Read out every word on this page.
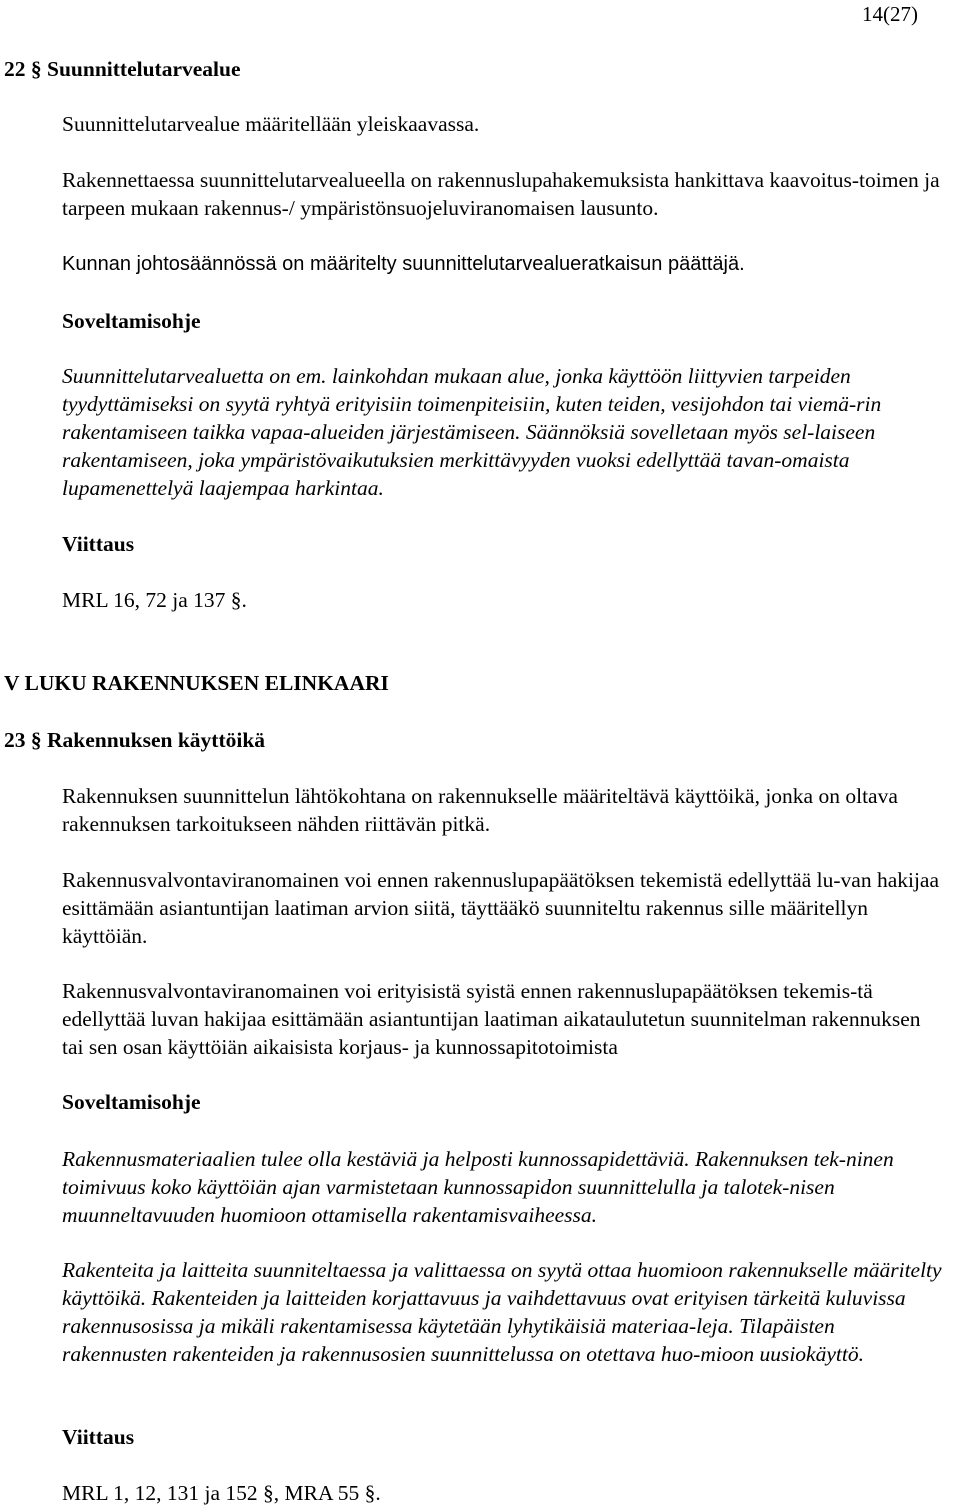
14(27)
22 § Suunnittelutarvealue

Suunnittelutarvealue määritellään yleiskaavassa.

Rakennettaessa suunnittelutarvealueella on rakennuslupahakemuksista hankittava kaavoitus-toimen ja tarpeen mukaan rakennus-/ ympäristönsuojeluviranomaisen lausunto.

Kunnan johtosäännössä on määritelty suunnittelutarvealueratkaisun päättäjä.

Soveltamisohje

Suunnittelutarvealuetta on em. lainkohdan mukaan alue, jonka käyttöön liittyvien tarpeiden tyydyttämiseksi on syytä ryhtyä erityisiin toimenpiteisiin, kuten teiden, vesijohdon tai viemä-rin rakentamiseen taikka vapaa-alueiden järjestämiseen. Säännöksiä sovelletaan myös sel-laiseen rakentamiseen, joka ympäristövaikutuksien merkittävyyden vuoksi edellyttää tavan-omaista lupamenettelyä laajempaa harkintaa.

Viittaus

MRL 16, 72 ja 137 §.

V LUKU RAKENNUKSEN ELINKAARI
23 § Rakennuksen käyttöikä

Rakennuksen suunnittelun lähtökohtana on rakennukselle määriteltävä käyttöikä, jonka on oltava rakennuksen tarkoitukseen nähden riittävän pitkä.

Rakennusvalvontaviranomainen voi ennen rakennuslupapäätöksen tekemistä edellyttää lu-van hakijaa esittämään asiantuntijan laatiman arvion siitä, täyttääkö suunniteltu rakennus sille määritellyn käyttöiän.

Rakennusvalvontaviranomainen voi erityisistä syistä ennen rakennuslupapäätöksen tekemis-tä edellyttää luvan hakijaa esittämään asiantuntijan laatiman aikataulutetun suunnitelman rakennuksen tai sen osan käyttöiän aikaisista korjaus- ja kunnossapitotoimista

Soveltamisohje

Rakennusmateriaalien tulee olla kestäviä ja helposti kunnossapidettäviä. Rakennuksen tek-ninen toimivuus koko käyttöiän ajan varmistetaan kunnossapidon suunnittelulla ja talotek-nisen muunneltavuuden huomioon ottamisella rakentamisvaiheessa.

Rakenteita ja laitteita suunniteltaessa ja valittaessa on syytä ottaa huomioon rakennukselle määritelty käyttöikä. Rakenteiden ja laitteiden korjattavuus ja vaihdettavuus ovat erityisen tärkeitä kuluvissa rakennusosissa ja mikäli rakentamisessa käytetään lyhytikäisiä materiaa-leja. Tilapäisten rakennusten rakenteiden ja rakennusosien suunnittelussa on otettava huo-mioon uusiokäyttö.

Viittaus

MRL 1, 12, 131 ja 152 §, MRA 55 §.
